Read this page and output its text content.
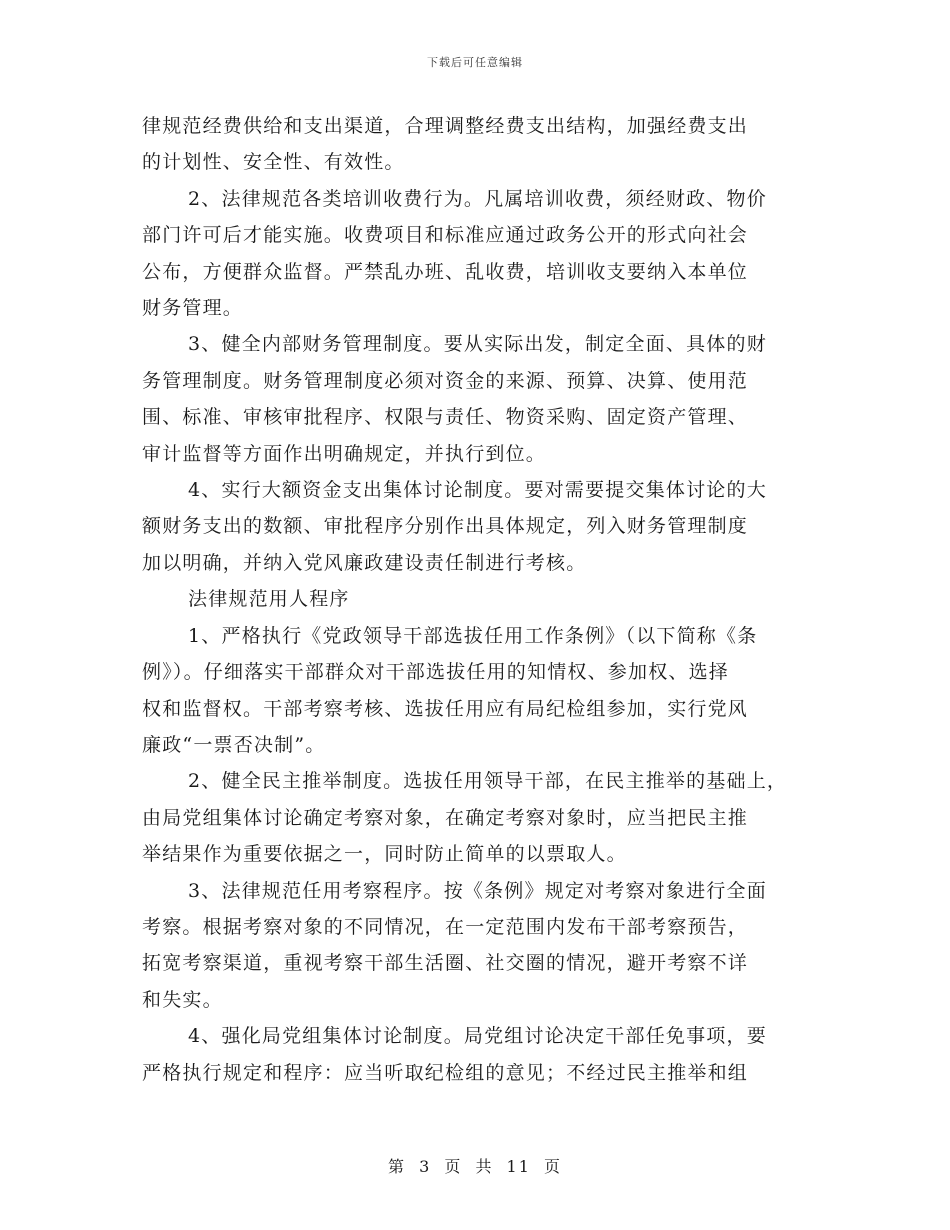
下载后可任意编辑
律规范经费供给和支出渠道，合理调整经费支出结构，加强经费支出
的计划性、安全性、有效性。
2、法律规范各类培训收费行为。凡属培训收费，须经财政、物价
部门许可后才能实施。收费项目和标准应通过政务公开的形式向社会
公布，方便群众监督。严禁乱办班、乱收费，培训收支要纳入本单位
财务管理。
3、健全内部财务管理制度。要从实际出发，制定全面、具体的财
务管理制度。财务管理制度必须对资金的来源、预算、决算、使用范
围、标准、审核审批程序、权限与责任、物资采购、固定资产管理、
审计监督等方面作出明确规定，并执行到位。
4、实行大额资金支出集体讨论制度。要对需要提交集体讨论的大
额财务支出的数额、审批程序分别作出具体规定，列入财务管理制度
加以明确，并纳入党风廉政建设责任制进行考核。
法律规范用人程序
1、严格执行《党政领导干部选拔任用工作条例》（以下简称《条
例》）。仔细落实干部群众对干部选拔任用的知情权、参加权、选择
权和监督权。干部考察考核、选拔任用应有局纪检组参加，实行党风
廉政“一票否决制”。
2、健全民主推举制度。选拔任用领导干部，在民主推举的基础上，
由局党组集体讨论确定考察对象，在确定考察对象时，应当把民主推
举结果作为重要依据之一，同时防止简单的以票取人。
3、法律规范任用考察程序。按《条例》规定对考察对象进行全面
考察。根据考察对象的不同情况，在一定范围内发布干部考察预告，
拓宽考察渠道，重视考察干部生活圈、社交圈的情况，避开考察不详
和失实。
4、强化局党组集体讨论制度。局党组讨论决定干部任免事项，要
严格执行规定和程序：应当听取纪检组的意见；不经过民主推举和组
第 3 页 共 11 页
